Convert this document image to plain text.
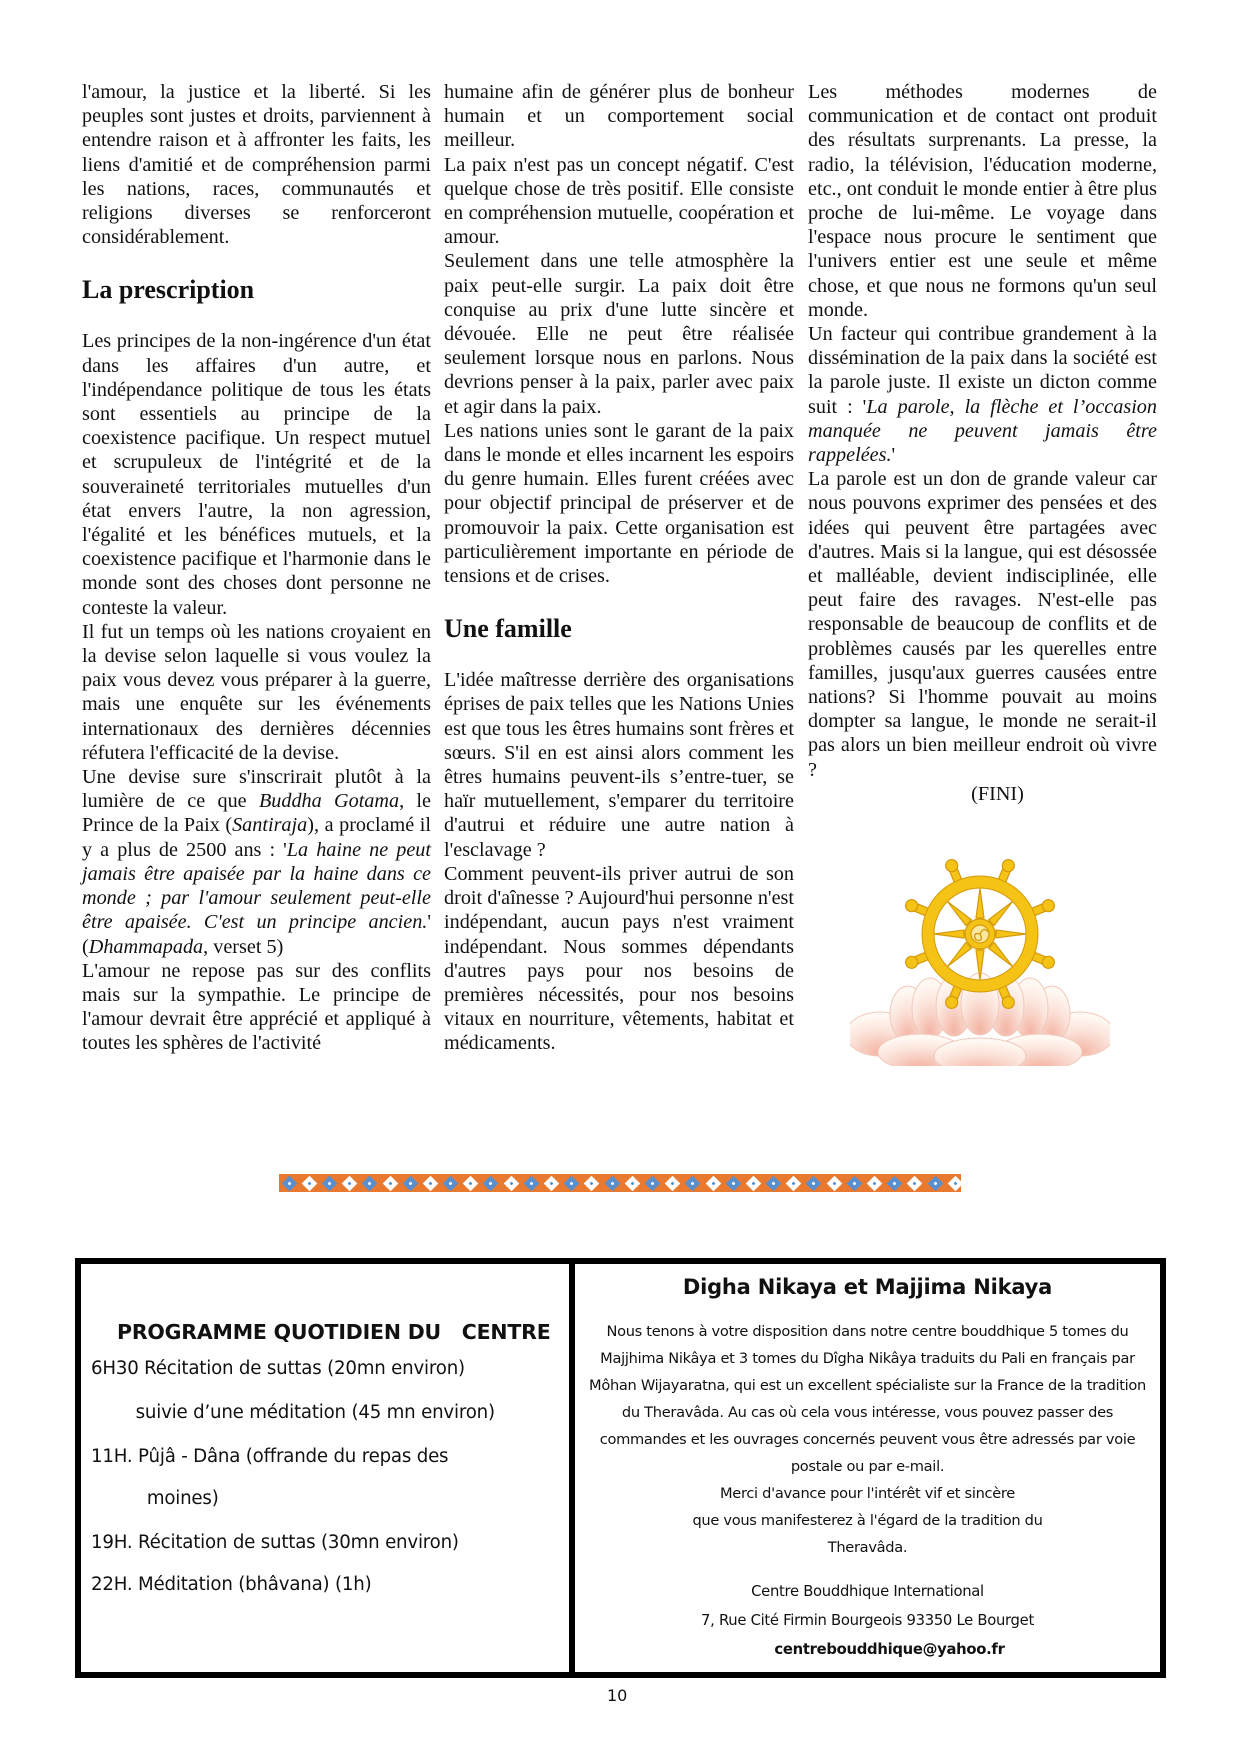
l'amour, la justice et la liberté. Si les peuples sont justes et droits, parviennent à entendre raison et à affronter les faits, les liens d'amitié et de compréhension parmi les nations, races, communautés et religions diverses se renforceront considérablement.

La prescription

Les principes de la non-ingérence d'un état dans les affaires d'un autre, et l'indépendance politique de tous les états sont essentiels au principe de la coexistence pacifique. Un respect mutuel et scrupuleux de l'intégrité et de la souveraineté territoriales mutuelles d'un état envers l'autre, la non agression, l'égalité et les bénéfices mutuels, et la coexistence pacifique et l'harmonie dans le monde sont des choses dont personne ne conteste la valeur.

Il fut un temps où les nations croyaient en la devise selon laquelle si vous voulez la paix vous devez vous préparer à la guerre, mais une enquête sur les événements internationaux des dernières décennies réfutera l'efficacité de la devise.

Une devise sure s'inscrirait plutôt à la lumière de ce que Buddha Gotama, le Prince de la Paix (Santiraja), a proclamé il y a plus de 2500 ans : 'La haine ne peut jamais être apaisée par la haine dans ce monde ; par l'amour seulement peut-elle être apaisée. C'est un principe ancien.' (Dhammapada, verset 5)

L'amour ne repose pas sur des conflits mais sur la sympathie. Le principe de l'amour devrait être apprécié et appliqué à toutes les sphères de l'activité

humaine afin de générer plus de bonheur humain et un comportement social meilleur.

La paix n'est pas un concept négatif. C'est quelque chose de très positif. Elle consiste en compréhension mutuelle, coopération et amour.

Seulement dans une telle atmosphère la paix peut-elle surgir. La paix doit être conquise au prix d'une lutte sincère et dévouée. Elle ne peut être réalisée seulement lorsque nous en parlons. Nous devrions penser à la paix, parler avec paix et agir dans la paix.

Les nations unies sont le garant de la paix dans le monde et elles incarnent les espoirs du genre humain. Elles furent créées avec pour objectif principal de préserver et de promouvoir la paix. Cette organisation est particulièrement importante en période de tensions et de crises.

Une famille

L'idée maîtresse derrière des organisations éprises de paix telles que les Nations Unies est que tous les êtres humains sont frères et sœurs. S'il en est ainsi alors comment les êtres humains peuvent-ils s’entre-tuer, se haïr mutuellement, s'emparer du territoire d'autrui et réduire une autre nation à l'esclavage ?

Comment peuvent-ils priver autrui de son droit d'aînesse ? Aujourd'hui personne n'est indépendant, aucun pays n'est vraiment indépendant. Nous sommes dépendants d'autres pays pour nos besoins de premières nécessités, pour nos besoins vitaux en nourriture, vêtements, habitat et médicaments.

Les méthodes modernes de communication et de contact ont produit des résultats surprenants. La presse, la radio, la télévision, l'éducation moderne, etc., ont conduit le monde entier à être plus proche de lui-même. Le voyage dans l'espace nous procure le sentiment que l'univers entier est une seule et même chose, et que nous ne formons qu'un seul monde.

Un facteur qui contribue grandement à la dissémination de la paix dans la société est la parole juste. Il existe un dicton comme suit : 'La parole, la flèche et l’occasion manquée ne peuvent jamais être rappelées.'

La parole est un don de grande valeur car nous pouvons exprimer des pensées et des idées qui peuvent être partagées avec d'autres. Mais si la langue, qui est désossée et malléable, devient indisciplinée, elle peut faire des ravages. N'est-elle pas responsable de beaucoup de conflits et de problèmes causés par les querelles entre familles, jusqu'aux guerres causées entre nations? Si l'homme pouvait au moins dompter sa langue, le monde ne serait-il pas alors un bien meilleur endroit où vivre ?

(FINI)

PROGRAMME QUOTIDIEN DU   CENTRE
6H30 Récitation de suttas (20mn environ)
suivie d’une méditation (45 mn environ)
11H. Pûjâ - Dâna (offrande du repas des
moines)
19H. Récitation de suttas (30mn environ)
22H. Méditation (bhâvana) (1h)
Digha Nikaya et Majjima Nikaya

Nous tenons à votre disposition dans notre centre bouddhique 5 tomes du Majjhima Nikâya et 3 tomes du Dîgha Nikâya traduits du Pali en français par Môhan Wijayaratna, qui est un excellent spécialiste sur la France de la tradition du Theravâda. Au cas où cela vous intéresse, vous pouvez passer des commandes et les ouvrages concernés peuvent vous être adressés par voie postale ou par e-mail.

Merci d'avance pour l'intérêt vif et sincère

que vous manifesterez à l'égard de la tradition du

Theravâda.

Centre Bouddhique International

7, Rue Cité Firmin Bourgeois 93350 Le Bourget

centrebouddhique@yahoo.fr

10
